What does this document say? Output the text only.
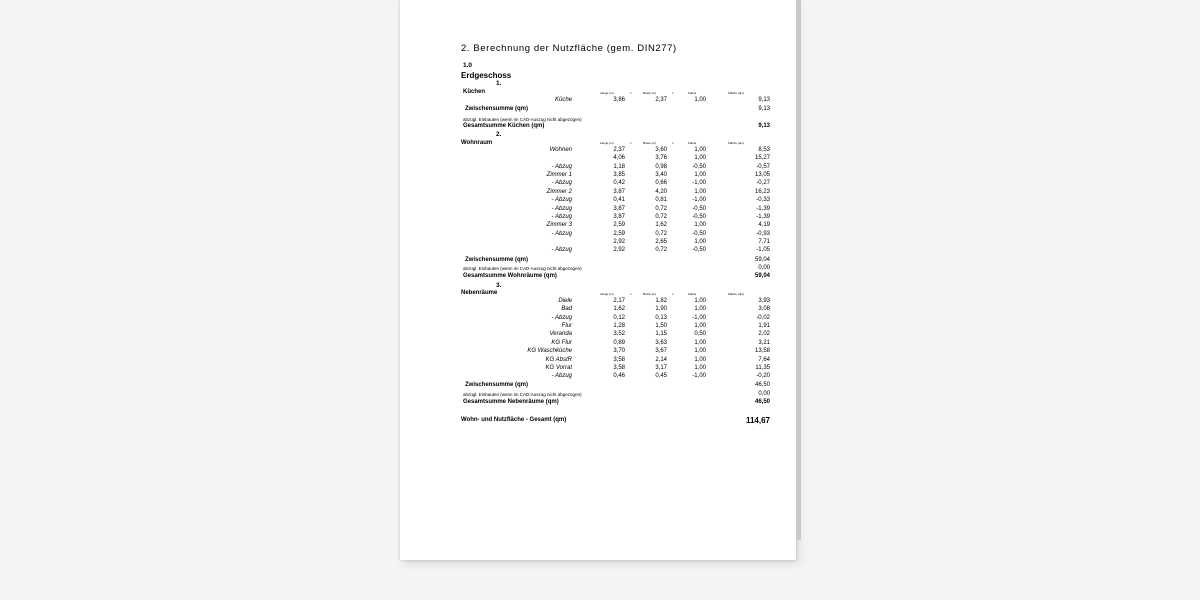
2. Berechnung der Nutzfläche (gem. DIN277)
1.0
Erdgeschoss
1.
Küchen	Länge (m)	x	Breite (m)	x	Faktor	Fläche (qm)
Küche	3,86	2,37	1,00	9,13
Zwischensumme (qm)	9,13
abzügl. Einbauten (wenn im CAD-Auszug nicht abgezogen)
Gesamtsumme Küchen (qm)	9,13
2.
Wohnraum	Länge (m)	x	Breite (m)	x	Faktor	Fläche (qm)
Wohnen	2,37	3,60	1,00	8,53
4,06	3,76	1,00	15,27
- Abzug	1,18	0,98	-0,50	-0,57
Zimmer 1	3,85	3,40	1,00	13,05
- Abzug	0,42	0,66	-1,00	-0,27
Zimmer 2	3,87	4,20	1,00	16,23
- Abzug	0,41	0,81	-1,00	-0,33
- Abzug	3,87	0,72	-0,50	-1,39
- Abzug	3,87	0,72	-0,50	-1,39
Zimmer 3	2,59	1,62	1,00	4,19
- Abzug	2,59	0,72	-0,50	-0,93
2,92	2,65	1,00	7,71
- Abzug	2,92	0,72	-0,50	-1,05
Zwischensumme (qm)	59,04
abzügl. Einbauten (wenn im CAD-Auszug nicht abgezogen)	0,00
Gesamtsumme Wohnräume (qm)	59,04
3.
Nebenräume	Länge (m)	x	Breite (m)	x	Faktor	Fläche (qm)
Diele	2,17	1,82	1,00	3,93
Bad	1,62	1,90	1,00	3,08
- Abzug	0,12	0,13	-1,00	-0,02
Flur	1,28	1,50	1,00	1,91
Veranda	3,52	1,15	0,50	2,02
KG Flur	0,89	3,63	1,00	3,21
KG Waschküche	3,70	3,67	1,00	13,58
KG AbstR	3,58	2,14	1,00	7,64
KG Vorrat	3,58	3,17	1,00	11,35
- Abzug	0,46	0,45	-1,00	-0,20
Zwischensumme (qm)	46,50
abzügl. Einbauten (wenn im CAD-Auszug nicht abgezogen)	0,00
Gesamtsumme Nebenräume (qm)	46,50
Wohn- und Nutzfläche - Gesamt (qm)	114,67
